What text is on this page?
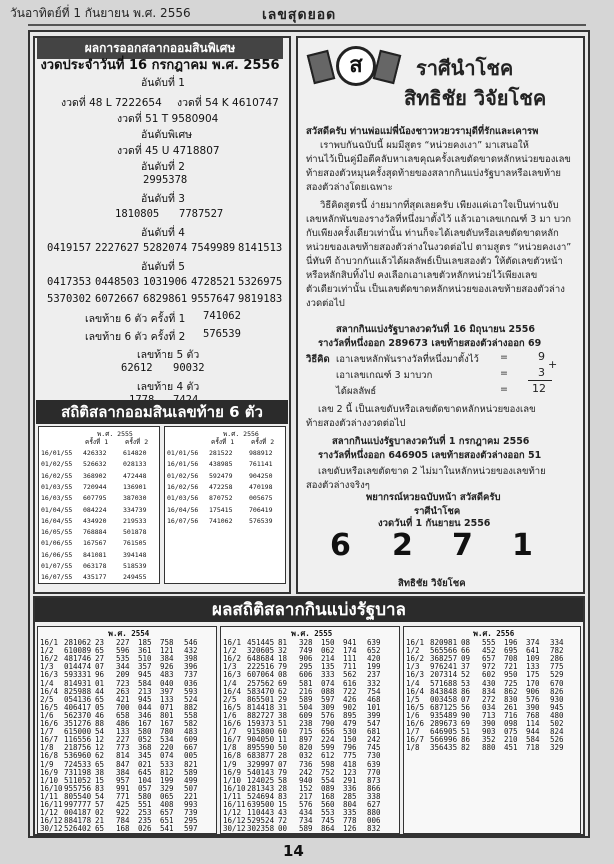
วันอาทิตย์ที่ 1 กันยายน พ.ศ. 2556	เลขสุดยอด
ผลการออกสลากออมสินพิเศษ
งวดประจำวันที่ 16 กรกฎาคม พ.ศ. 2556
อันดับที่ 1
งวดที่ 48 L 7222654 งวดที่ 54 K 4610747
งวดที่ 51 T 9580904
อันดับพิเศษ
งวดที่ 45 U 4718807
อันดับที่ 2
2995378
อันดับที่ 3
1810805 7787527
อันดับที่ 4
0419157 2227627 5282074 7549989 8141513
อันดับที่ 5
0417353 0448503 1031906 4728521 5326975
5370302 6072667 6829861 9557647 9819183
เลขท้าย 6 ตัว ครั้งที่ 1 741062
เลขท้าย 6 ตัว ครั้งที่ 2 576539
เลขท้าย 5 ตัว
62612 90032
เลขท้าย 4 ตัว
สถิติสลากออมสินเลขท้าย 6 ตัว
พ.ศ. 2555
ครั้งที่ 1	ครั้งที่ 2
16/01/55 426332	614820
01/02/55 526632	028133
16/02/55 368902	472448
01/03/55 720944	136901
16/03/55 607795	387030
01/04/55 084224	334739
16/04/55 434920	219533
16/05/55 768884	501878
01/06/55 167567	761505
16/06/55 841081	394148
01/07/55 063178	518539
16/07/55 435177	249455
พ.ศ. 2556
ครั้งที่ 1	ครั้งที่ 2
01/01/56 281522	988912
16/01/56 438985	761141
01/02/56 592479	904250
16/02/56 472258	470198
01/03/56 870752	005675
16/04/56 175415	706419
16/07/56 741062	576539
ส	ราศีนำโชค
สิทธิชัย วิจัยโชค
สวัสดีครับ ท่านพ่อแม่พี่น้องชาวหวยวรามุดีที่รักและเคารพ
เราพบกันฉบับนี้ ผมมีสูตร “หน่วยคงเงา” มาเสนอให้
ท่านไว้เป็นคู่มือตีคลับหาเลขคุณครั้งเลขตัดขาดหลักหน่วยของเลข
ท้ายสองตัวหมุนครั้งสุดท้ายของสลากกินแบ่งรัฐบาลหรือเลขท้าย
สองตัวล่างโดยเฉพาะ
วิธีคิดสูตรนี้ ง่ายมากที่สุดเลยครับ เพียงแค่เอาใจเป็นท่านจับ
เลขหลักพันของรางวัลที่หนึ่งมาตั้งไว้ แล้วเอาเลขเกณฑ์ 3 มา บวก
กับเพียงครั้งเดียวเท่านั้น ท่านก็จะได้เลขดับหรือเลขตัดขาดหลัก
หน่วยของเลขท้ายสองตัวล่างในงวดต่อไป ตามสูตร “หน่วยคงเงา”
นี่ทันที ถ้าบวกกันแล้วได้ผลลัพธ์เป็นเลขสองตัว ให้ตัดเลขตัวหน้า
หรือหลักสิบทิ้งไป คงเลือกเอาเลขตัวหลักหน่วยไว้เพียงเลข
ตัวเดียวเท่านั้น เป็นเลขตัดขาดหลักหน่วยของเลขท้ายสองตัวล่าง
งวดต่อไป
สลากกินแบ่งรัฐบาลงวดวันที่ 16 มิถุนายน 2556
รางวัลที่หนึ่งออก 289673 เลขท้ายสองตัวล่างออก 69
วิธีคิด เอาเลขหลักพันรางวัลที่หนึ่งมาตั้งไว้ =	9
เอาเลขเกณฑ์ 3 มาบวก	=	3
+
ได้ผลลัพธ์	= 12
เลข 2 นี้ เป็นเลขดับหรือเลขตัดขาดหลักหน่วยของเลข
ท้ายสองตัวล่างงวดต่อไป
สลากกินแบ่งรัฐบาลงวดวันที่ 1 กรกฎาคม 2556
รางวัลที่หนึ่งออก 646905 เลขท้ายสองตัวล่างออก 51
เลขดับหรือเลขตัดขาด 2 ไม่มาในหลักหน่วยของเลขท้าย
สองตัวล่างจริงๆ
พยากรณ์หวยฉบับหน้า สวัสดีครับ
ราศีนำโชค
งวดวันที่ 1 กันยายน 2556
6 2 7 1
สิทธิชัย วิจัยโชค
ผลสถิติสลากกินแบ่งรัฐบาล
พ.ศ. 2554
16/1 281062 23 227 185 758 546
1/2 610089 65 596 361 121 432
16/2 481746 27 535 510 384 398
1/3 014474 07 344 357 926 396
16/3 593331 96 209 945 483 737
1/4 814931 01 723 584 040 036
16/4 825988 44 263 213 397 593
2/5 054136 65 421 945 133 524
16/5 406417 05 700 044 071 882
1/6 562370 46 658 346 801 558
16/6 351276 88 486 167 167 582
1/7 615000 54 133 580 780 483
16/7 116556 12 227 052 534 609
1/8 218756 12 773 368 220 667
16/8 536960 62 814 345 074 005
1/9 724533 65 847 021 533 821
16/9 731198 38 384 645 812 589
1/10 511052 15 957 104 199 499
16/10 955756 83 991 057 329 507
1/11 805540 54 771 580 065 221
16/11 997777 57 425 551 408 993
1/12 004187 02 922 253 657 739
16/12 884178 21 784 235 651 295
30/12 526402 65 168 026 541 597
พ.ศ. 2555
16/1 451445 81 328 150 941 639
1/2 320605 32 749 062 174 652
16/2 648684 18 906 214 111 420
1/3 222516 79 295 135 711 199
16/3 607064 08 606 333 562 237
1/4 257562 69 581 074 616 332
16/4 583470 62 216 088 722 754
2/5 865501 29 589 597 426 468
16/5 814418 31 504 309 902 101
1/6 882727 38 609 576 895 399
16/6 159373 51 238 790 479 547
1/7 915800 60 715 656 530 681
16/7 904050 11 897 224 150 242
1/8 895590 50 820 599 796 745
16/8 683877 28 032 612 775 730
1/9 329997 07 736 598 418 639
16/9 540143 79 242 752 123 770
1/10 124025 58 940 554 291 873
16/10 281343 28 152 089 336 866
1/11 524694 83 217 168 285 338
16/11 639500 15 576 560 804 627
1/12 110443 43 434 553 335 880
16/12 529524 72 734 745 778 006
30/12 302358 00 589 864 126 832
พ.ศ. 2556
16/1 820981 08 555 196 374 334
1/2 565566 66 452 695 641 782
16/2 368257 09 657 708 109 286
1/3 976241 37 972 721 133 775
16/3 207314 52 602 950 175 529
1/4 571688 53 430 725 170 670
16/4 843848 86 834 862 906 826
1/5 003458 07 272 830 576 930
16/5 687125 56 034 261 390 945
1/6 935489 90 713 716 768 480
16/6 289673 69 390 098 114 502
1/7 646905 51 903 075 944 824
16/7 566996 86 352 210 584 526
1/8 356435 82 880 451 718 329
14
